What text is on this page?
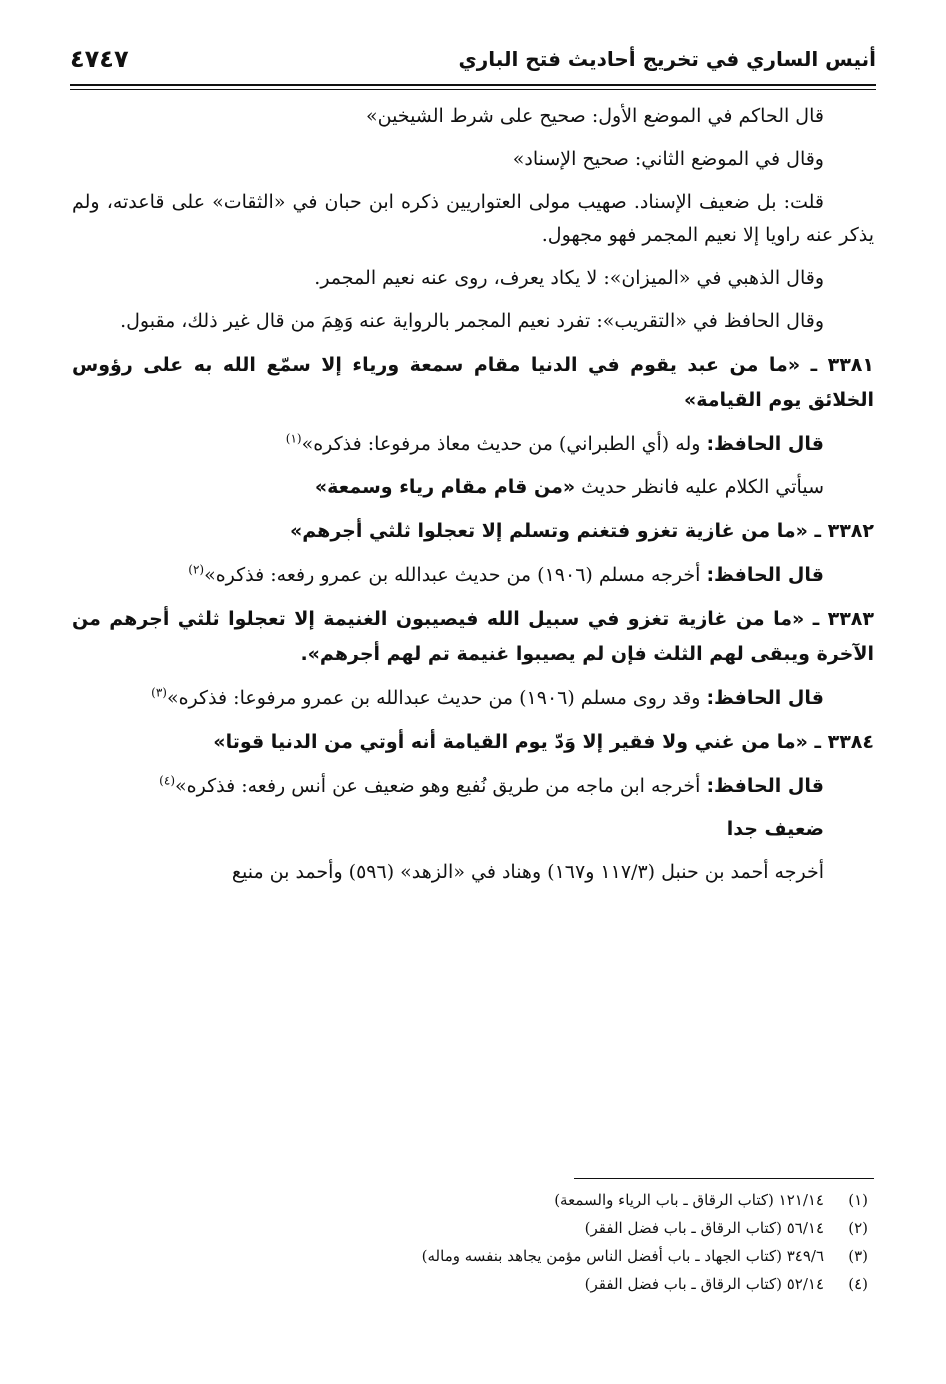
أنيس الساري في تخريج أحاديث فتح الباري
٤٧٤٧

قال الحاكم في الموضع الأول: صحيح على شرط الشيخين»

وقال في الموضع الثاني: صحيح الإسناد»

قلت: بل ضعيف الإسناد. صهيب مولى العتواريين ذكره ابن حبان في «الثقات» على قاعدته، ولم يذكر عنه راويا إلا نعيم المجمر فهو مجهول.

وقال الذهبي في «الميزان»: لا يكاد يعرف، روى عنه نعيم المجمر.

وقال الحافظ في «التقريب»: تفرد نعيم المجمر بالرواية عنه وَهِمَ من قال غير ذلك، مقبول.

٣٣٨١ ـ «ما من عبد يقوم في الدنيا مقام سمعة ورياء إلا سمّع الله به على رؤوس الخلائق يوم القيامة»

قال الحافظ: وله (أي الطبراني) من حديث معاذ مرفوعا: فذكره»$^{(١)}$

سيأتي الكلام عليه فانظر حديث «من قام مقام رياء وسمعة»

٣٣٨٢ ـ «ما من غازية تغزو فتغنم وتسلم إلا تعجلوا ثلثي أجرهم»

قال الحافظ: أخرجه مسلم (١٩٠٦) من حديث عبدالله بن عمرو رفعه: فذكره»$^{(٢)}$

٣٣٨٣ ـ «ما من غازية تغزو في سبيل الله فيصيبون الغنيمة إلا تعجلوا ثلثي أجرهم من الآخرة ويبقى لهم الثلث فإن لم يصيبوا غنيمة تم لهم أجرهم».

قال الحافظ: وقد روى مسلم (١٩٠٦) من حديث عبدالله بن عمرو مرفوعا: فذكره»$^{(٣)}$

٣٣٨٤ ـ «ما من غني ولا فقير إلا وَدّ يوم القيامة أنه أوتي من الدنيا قوتا»

قال الحافظ: أخرجه ابن ماجه من طريق نُفيع وهو ضعيف عن أنس رفعه: فذكره»$^{(٤)}$

ضعيف جدا

أخرجه أحمد بن حنبل (١١٧/٣ و١٦٧) وهناد في «الزهد» (٥٩٦) وأحمد بن منيع

(١)
١٢١/١٤ (كتاب الرقاق ـ باب الرياء والسمعة)
(٢)
٥٦/١٤ (كتاب الرقاق ـ باب فضل الفقر)
(٣)
٣٤٩/٦ (كتاب الجهاد ـ باب أفضل الناس مؤمن يجاهد بنفسه وماله)
(٤)
٥٢/١٤ (كتاب الرقاق ـ باب فضل الفقر)
